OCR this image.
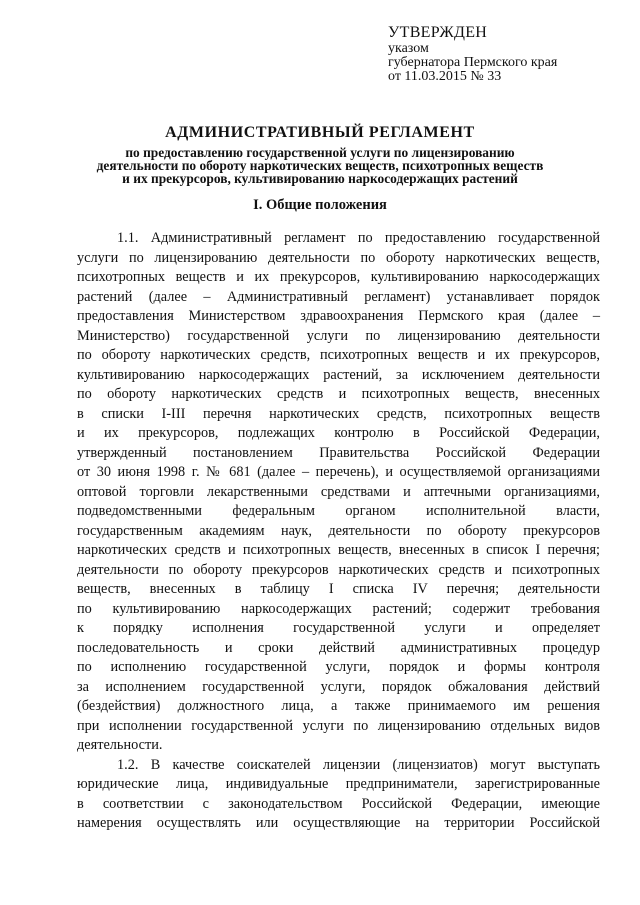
УТВЕРЖДЕН
указом
губернатора Пермского края
от 11.03.2015 № 33
АДМИНИСТРАТИВНЫЙ РЕГЛАМЕНТ
по предоставлению государственной услуги по лицензированию
деятельности по обороту наркотических веществ, психотропных веществ
и их прекурсоров, культивированию наркосодержащих растений
I. Общие положения
1.1. Административный регламент по предоставлению государственной
услуги по лицензированию деятельности по обороту наркотических веществ,
психотропных веществ и их прекурсоров, культивированию наркосодержащих
растений (далее – Административный регламент) устанавливает порядок
предоставления Министерством здравоохранения Пермского края (далее –
Министерство) государственной услуги по лицензированию деятельности
по обороту наркотических средств, психотропных веществ и их прекурсоров,
культивированию наркосодержащих растений, за исключением деятельности
по обороту наркотических средств и психотропных веществ, внесенных
в списки I-III перечня наркотических средств, психотропных веществ
и их прекурсоров, подлежащих контролю в Российской Федерации,
утвержденный постановлением Правительства Российской Федерации
от 30 июня 1998 г. № 681 (далее – перечень), и осуществляемой организациями
оптовой торговли лекарственными средствами и аптечными организациями,
подведомственными федеральным органом исполнительной власти,
государственным академиям наук, деятельности по обороту прекурсоров
наркотических средств и психотропных веществ, внесенных в список I перечня;
деятельности по обороту прекурсоров наркотических средств и психотропных
веществ, внесенных в таблицу I списка IV перечня; деятельности
по культивированию наркосодержащих растений; содержит требования
к порядку исполнения государственной услуги и определяет
последовательность и сроки действий административных процедур
по исполнению государственной услуги, порядок и формы контроля
за исполнением государственной услуги, порядок обжалования действий
(бездействия) должностного лица, а также принимаемого им решения
при исполнении государственной услуги по лицензированию отдельных видов
деятельности.
1.2. В качестве соискателей лицензии (лицензиатов) могут выступать
юридические лица, индивидуальные предприниматели, зарегистрированные
в соответствии с законодательством Российской Федерации, имеющие
намерения осуществлять или осуществляющие на территории Российской
